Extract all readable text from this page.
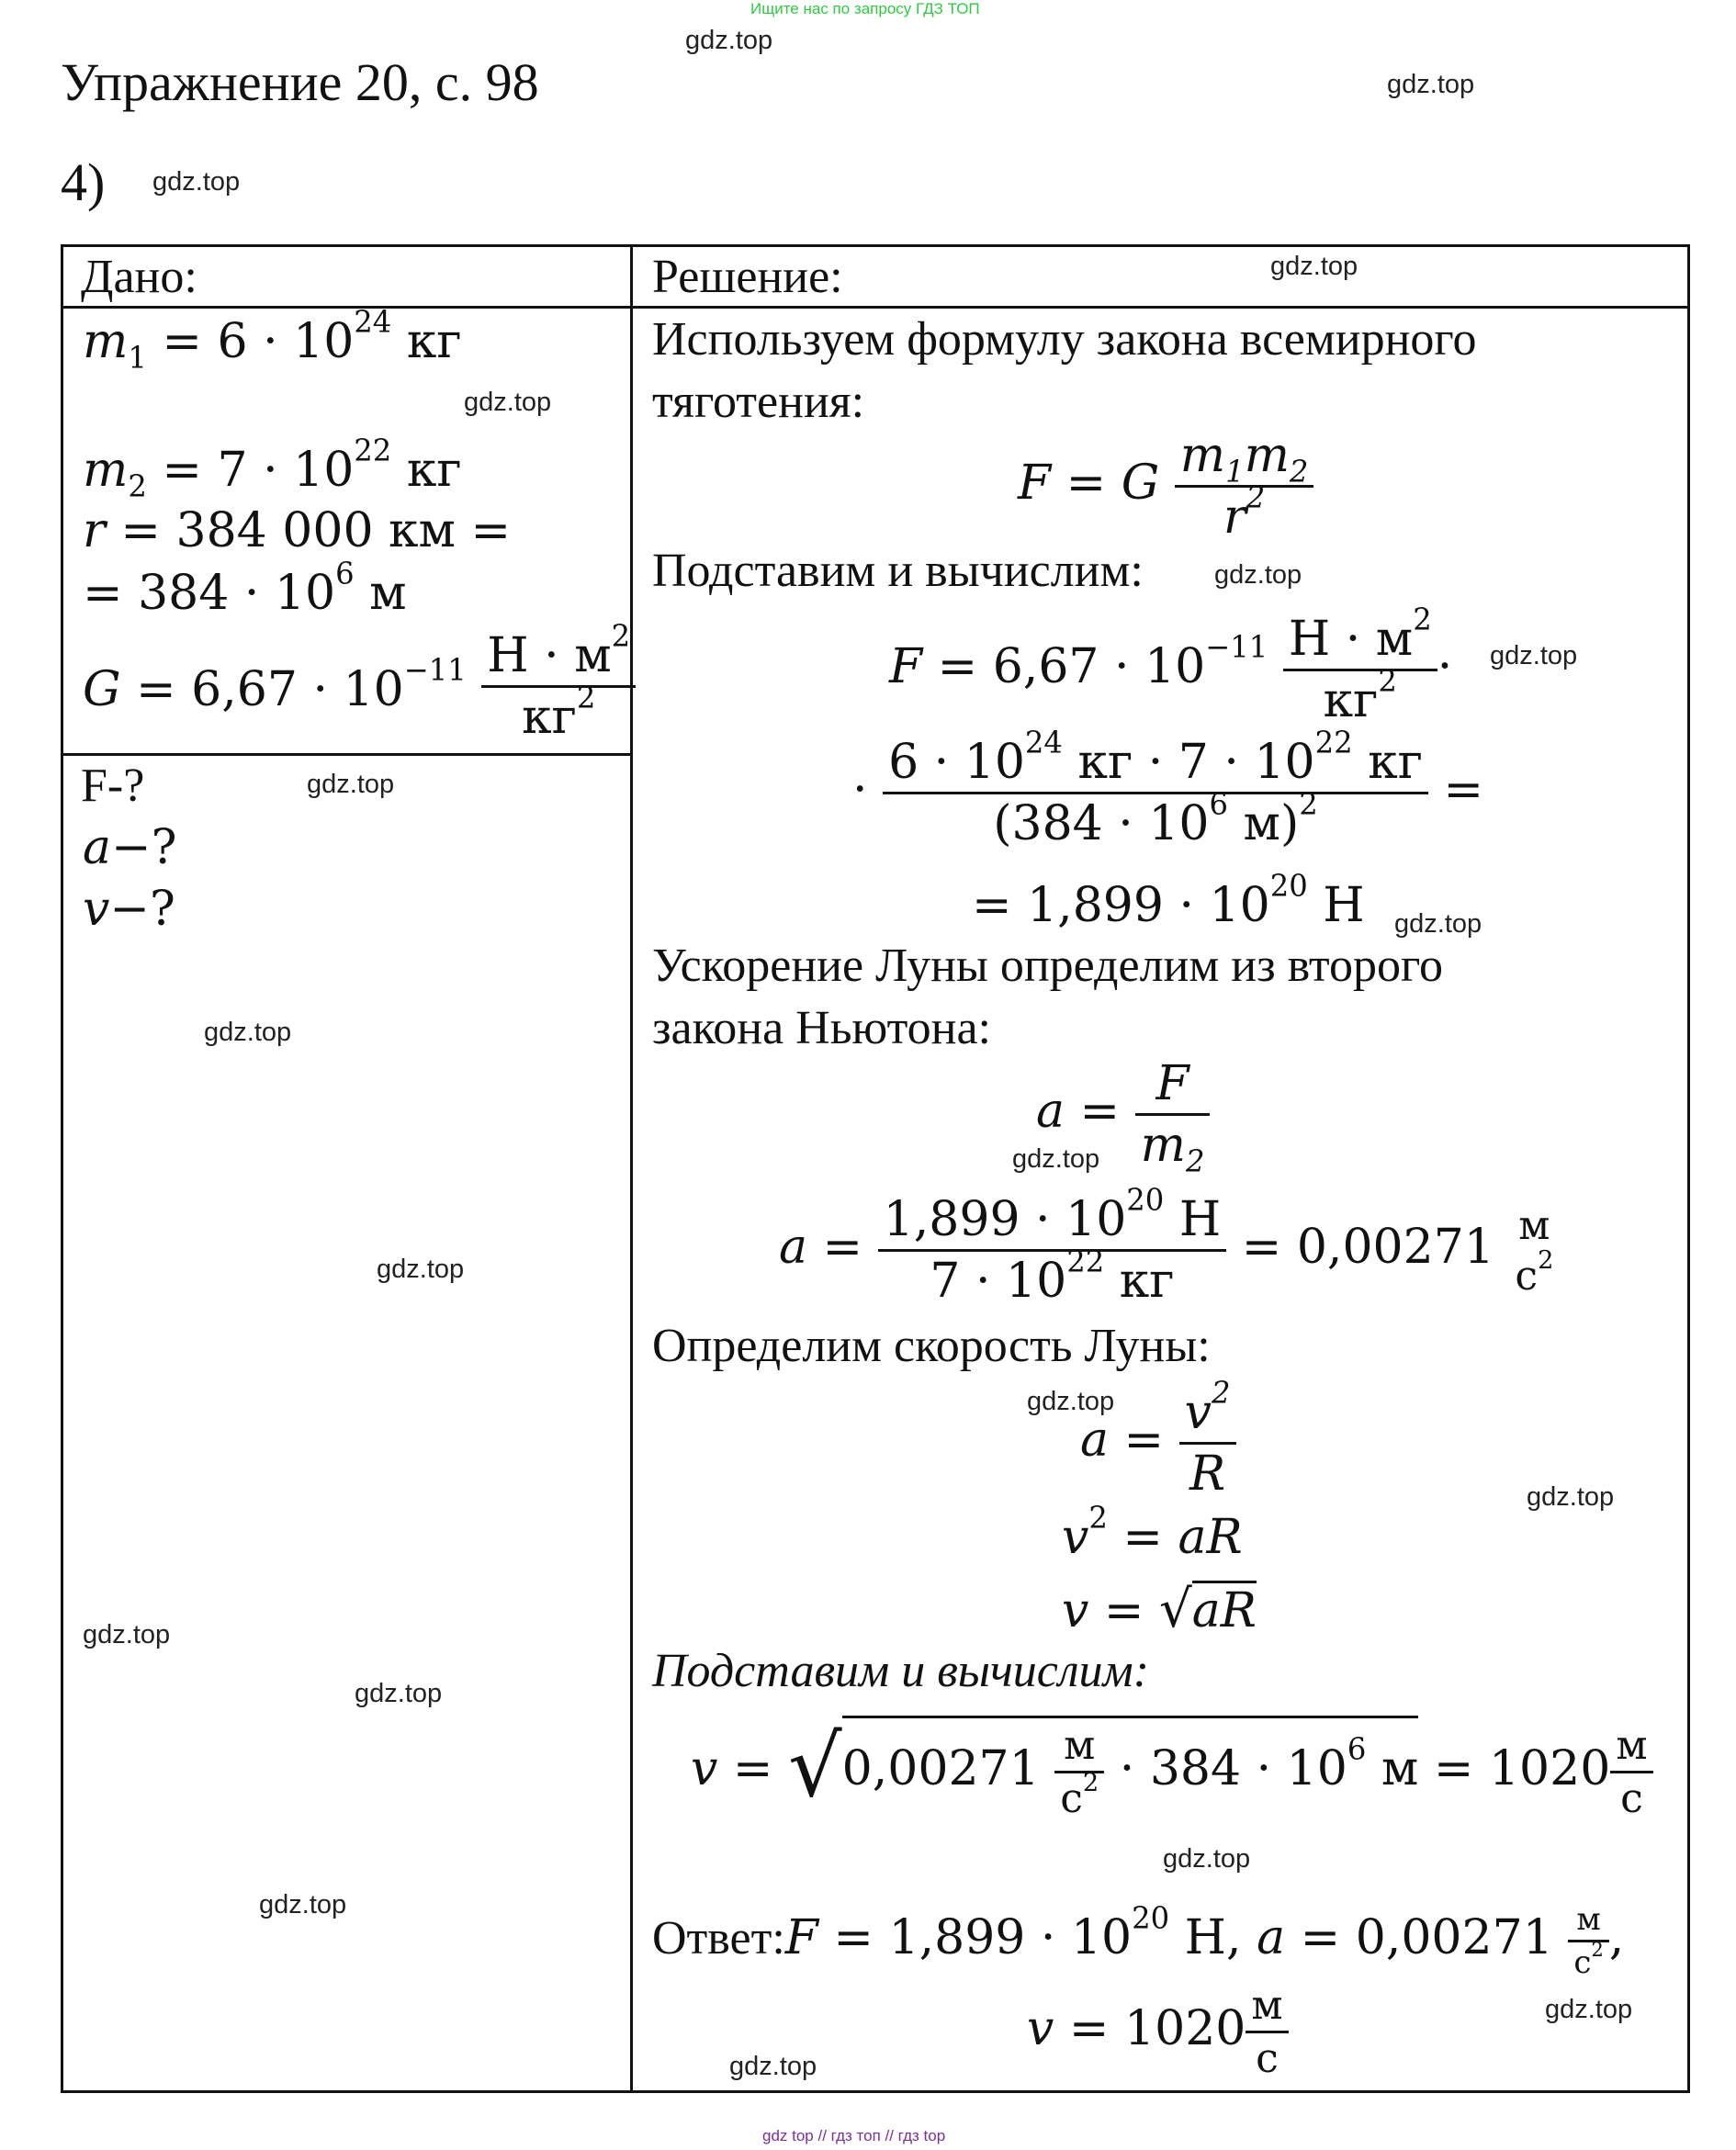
Ищите нас по запросу ГДЗ ТОП
Упражнение 20, с. 98
4)
Дано:	Решение:
$m_1 = 6 \cdot 10^{24}$ кг
$m_2 = 7 \cdot 10^{22}$ кг
r = 384 000 км =
= $384 \cdot 10^6$ м
$G = 6,67 \cdot 10^{-11} \frac{Н \cdot м^2}{кг^2}$
F-?
a−?
v−?
Используем формулу закона всемирного
тяготения:
F = G $\frac{m_1m_2}{r^2}$
Подставим и вычислим:
$F = 6,67 \cdot 10^{-11} \frac{Н \cdot м^2}{кг^2}$ ·
· $\frac{6 \cdot 10^{24} кг \cdot 7 \cdot 10^{22} кг}{(384 \cdot 10^6 м)^2}$ =
= $1,899 \cdot 10^{20}$ Н
Ускорение Луны определим из второго
закона Ньютона:
$a = \frac{F}{m_2}$
$a = \frac{1,899 \cdot 10^{20} Н}{7 \cdot 10^{22} кг} = 0,00271$ м
$с^2$
Определим скорость Луны:
$a = \frac{v^2}{R}$
$v^2$ = aR
v = √aR
Подставим и вычислим:
$v = √0,00271 \frac{м}{с^2} \cdot 384 \cdot 10^6$ $м = 1020 \frac{м}{с}$
Ответ:F = $1,899 \cdot 10^{20}$ Н, $a = 0,00271 \frac{м}{с^2}$ ,
$v = 1020 \frac{м}{с}$
gdz.top
gdz.top
gdz.top
gdz.top
gdz.top
gdz.top
gdz.top
gdz.top
gdz.top
gdz.top
gdz.top
gdz.top
gdz.top
gdz.top
gdz.top
gdz.top
gdz.top
gdz.top
gdz.top
gdz.top
gdz top // гдз топ // гдз top
